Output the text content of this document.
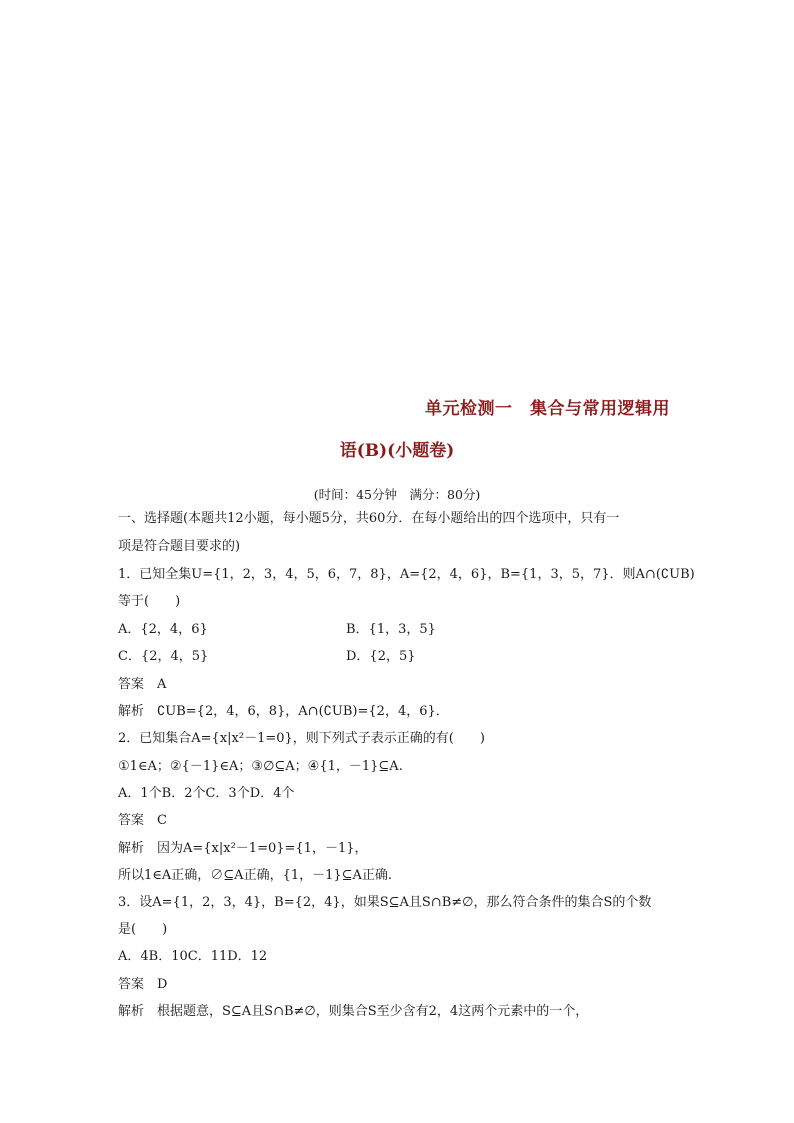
单元检测一　集合与常用逻辑用
语(B)(小题卷)
(时间：45分钟　满分：80分)
一、选择题(本题共12小题，每小题5分，共60分．在每小题给出的四个选项中，只有一
项是符合题目要求的)
1．已知全集U={1，2，3，4，5，6，7，8}，A={2，4，6}，B={1，3，5，7}．则A∩(∁UB)
等于(　　)
A．{2，4，6}	B．{1，3，5}
C．{2，4，5}	D．{2，5}
答案　A
解析　∁UB={2，4，6，8}，A∩(∁UB)={2，4，6}．
2．已知集合A={x|x²－1=0}，则下列式子表示正确的有(　　)
①1∈A；②{－1}∈A；③∅⊆A；④{1，－1}⊆A.
A．1个B．2个C．3个D．4个
答案　C
解析　因为A={x|x²－1=0}={1，－1}，
所以1∈A正确，∅⊆A正确，{1，－1}⊆A正确.
3．设A={1，2，3，4}，B={2，4}，如果S⊆A且S∩B≠∅，那么符合条件的集合S的个数
是(　　)
A．4B．10C．11D．12
答案　D
解析　根据题意，S⊆A且S∩B≠∅，则集合S至少含有2，4这两个元素中的一个，
